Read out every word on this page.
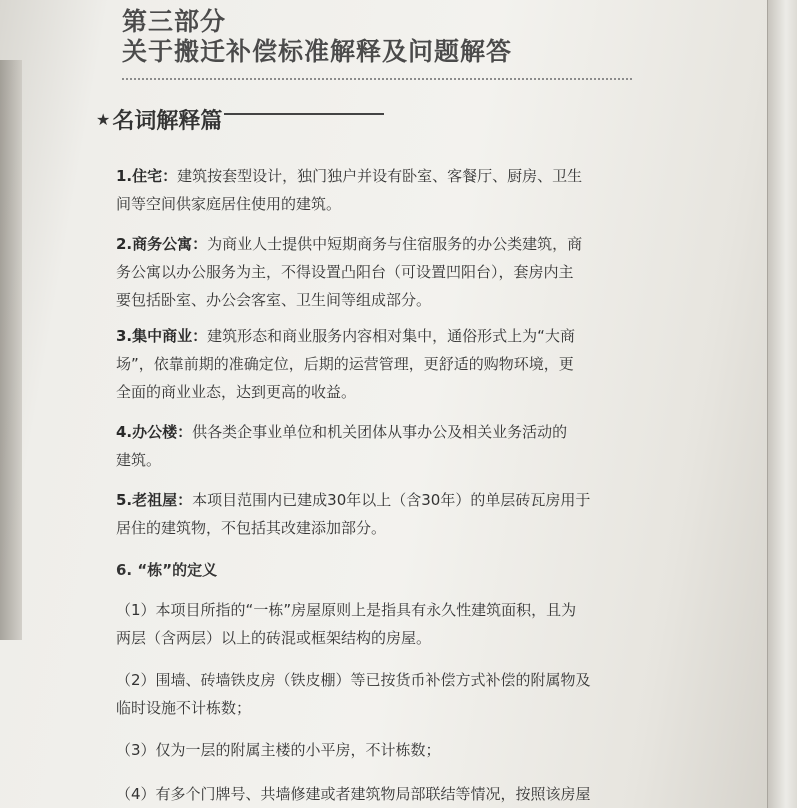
第三部分
关于搬迁补偿标准解释及问题解答
★ 名词解释篇
1.住宅：建筑按套型设计，独门独户并设有卧室、客餐厅、厨房、卫生
间等空间供家庭居住使用的建筑。
2.商务公寓：为商业人士提供中短期商务与住宿服务的办公类建筑，商
务公寓以办公服务为主，不得设置凸阳台（可设置凹阳台），套房内主
要包括卧室、办公会客室、卫生间等组成部分。
3.集中商业：建筑形态和商业服务内容相对集中，通俗形式上为“大商
场”，依靠前期的准确定位，后期的运营管理，更舒适的购物环境，更
全面的商业业态，达到更高的收益。
4.办公楼：供各类企事业单位和机关团体从事办公及相关业务活动的
建筑。
5.老祖屋：本项目范围内已建成30年以上（含30年）的单层砖瓦房用于
居住的建筑物，不包括其改建添加部分。
6. “栋”的定义
（1）本项目所指的“一栋”房屋原则上是指具有永久性建筑面积，且为
两层（含两层）以上的砖混或框架结构的房屋。
（2）围墙、砖墙铁皮房（铁皮棚）等已按货币补偿方式补偿的附属物及
临时设施不计栋数；
（3）仅为一层的附属主楼的小平房，不计栋数；
（4）有多个门牌号、共墙修建或者建筑物局部联结等情况，按照该房屋
